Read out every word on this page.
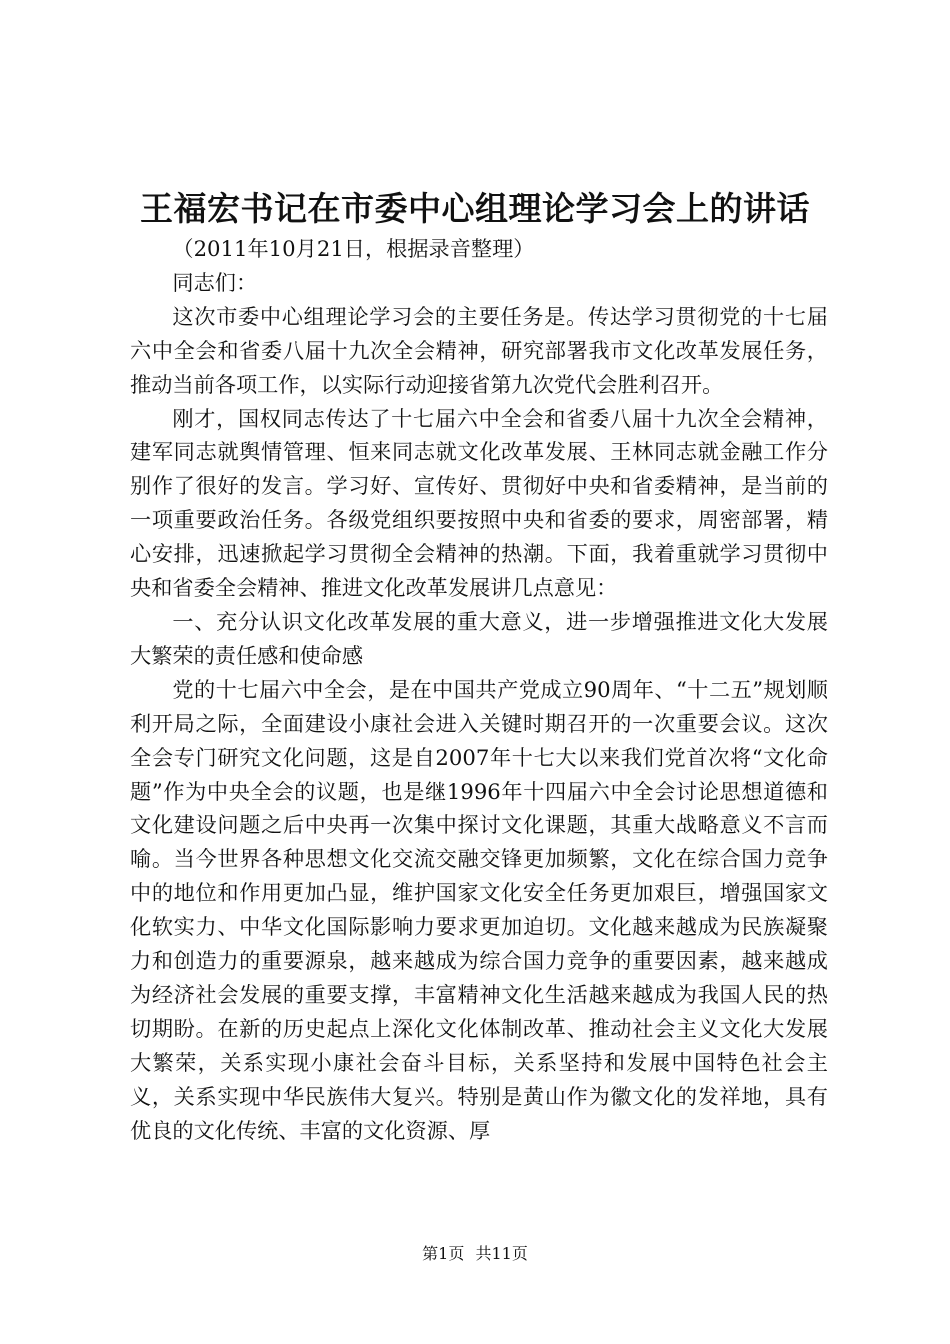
王福宏书记在市委中心组理论学习会上的讲话

（2011年10月21日，根据录音整理）

同志们：

这次市委中心组理论学习会的主要任务是。传达学习贯彻党的十七届六中全会和省委八届十九次全会精神，研究部署我市文化改革发展任务，推动当前各项工作，以实际行动迎接省第九次党代会胜利召开。

刚才，国权同志传达了十七届六中全会和省委八届十九次全会精神，建军同志就舆情管理、恒来同志就文化改革发展、王林同志就金融工作分别作了很好的发言。学习好、宣传好、贯彻好中央和省委精神，是当前的一项重要政治任务。各级党组织要按照中央和省委的要求，周密部署，精心安排，迅速掀起学习贯彻全会精神的热潮。下面，我着重就学习贯彻中央和省委全会精神、推进文化改革发展讲几点意见：

一、充分认识文化改革发展的重大意义，进一步增强推进文化大发展大繁荣的责任感和使命感

党的十七届六中全会，是在中国共产党成立90周年、“十二五”规划顺利开局之际，全面建设小康社会进入关键时期召开的一次重要会议。这次全会专门研究文化问题，这是自2007年十七大以来我们党首次将“文化命题”作为中央全会的议题，也是继1996年十四届六中全会讨论思想道德和文化建设问题之后中央再一次集中探讨文化课题，其重大战略意义不言而喻。当今世界各种思想文化交流交融交锋更加频繁，文化在综合国力竞争中的地位和作用更加凸显，维护国家文化安全任务更加艰巨，增强国家文化软实力、中华文化国际影响力要求更加迫切。文化越来越成为民族凝聚力和创造力的重要源泉，越来越成为综合国力竞争的重要因素，越来越成为经济社会发展的重要支撑，丰富精神文化生活越来越成为我国人民的热切期盼。在新的历史起点上深化文化体制改革、推动社会主义文化大发展大繁荣，关系实现小康社会奋斗目标，关系坚持和发展中国特色社会主义，关系实现中华民族伟大复兴。特别是黄山作为徽文化的发祥地，具有优良的文化传统、丰富的文化资源、厚

第1页 共11页
